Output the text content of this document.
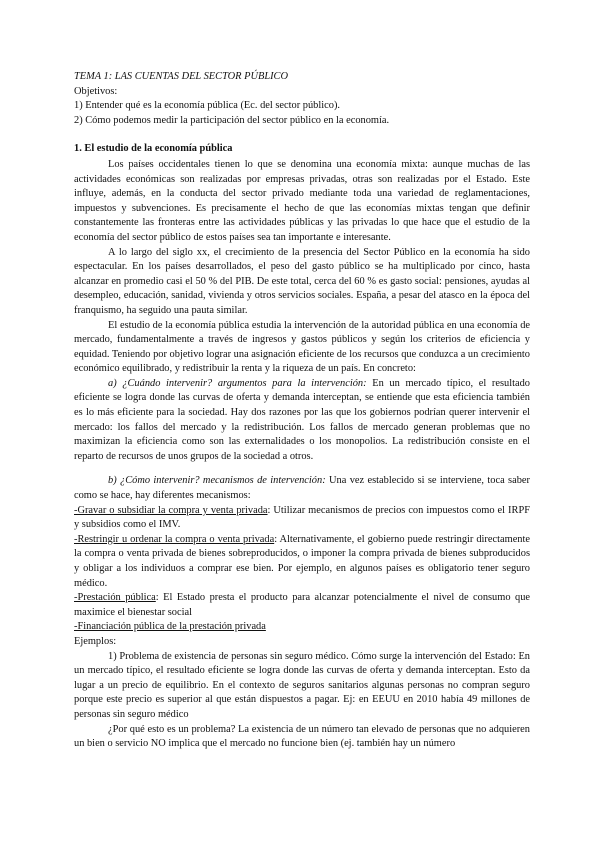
TEMA 1: LAS CUENTAS DEL SECTOR PÚBLICO

Objetivos:

1) Entender qué es la economía pública (Ec. del sector público).

2) Cómo podemos medir la participación del sector público en la economía.

1. El estudio de la economía pública

Los países occidentales tienen lo que se denomina una economía mixta: aunque muchas de las actividades económicas son realizadas por empresas privadas, otras son realizadas por el Estado. Este influye, además, en la conducta del sector privado mediante toda una variedad de reglamentaciones, impuestos y subvenciones. Es precisamente el hecho de que las economías mixtas tengan que definir constantemente las fronteras entre las actividades públicas y las privadas lo que hace que el estudio de la economía del sector público de estos países sea tan importante e interesante.

A lo largo del siglo xx, el crecimiento de la presencia del Sector Público en la economía ha sido espectacular. En los países desarrollados, el peso del gasto público se ha multiplicado por cinco, hasta alcanzar en promedio casi el 50 % del PIB. De este total, cerca del 60 % es gasto social: pensiones, ayudas al desempleo, educación, sanidad, vivienda y otros servicios sociales. España, a pesar del atasco en la época del franquismo, ha seguido una pauta similar.

El estudio de la economía pública estudia la intervención de la autoridad pública en una economía de mercado, fundamentalmente a través de ingresos y gastos públicos y según los criterios de eficiencia y equidad. Teniendo por objetivo lograr una asignación eficiente de los recursos que conduzca a un crecimiento económico equilibrado, y redistribuir la renta y la riqueza de un país. En concreto:

a) ¿Cuándo intervenir? argumentos para la intervención: En un mercado típico, el resultado eficiente se logra donde las curvas de oferta y demanda interceptan, se entiende que esta eficiencia también es lo más eficiente para la sociedad. Hay dos razones por las que los gobiernos podrían querer intervenir el mercado: los fallos del mercado y la redistribución. Los fallos de mercado generan problemas que no maximizan la eficiencia como son las externalidades o los monopolios. La redistribución consiste en el reparto de recursos de unos grupos de la sociedad a otros.

b) ¿Cómo intervenir? mecanismos de intervención: Una vez establecido si se interviene, toca saber como se hace, hay diferentes mecanismos:

-Gravar o subsidiar la compra y venta privada: Utilizar mecanismos de precios con impuestos como el IRPF y subsidios como el IMV.

-Restringir u ordenar la compra o venta privada: Alternativamente, el gobierno puede restringir directamente la compra o venta privada de bienes sobreproducidos, o imponer la compra privada de bienes subproducidos y obligar a los individuos a comprar ese bien. Por ejemplo, en algunos países es obligatorio tener seguro médico.

-Prestación pública: El Estado presta el producto para alcanzar potencialmente el nivel de consumo que maximice el bienestar social

-Financiación pública de la prestación privada

Ejemplos:

1) Problema de existencia de personas sin seguro médico. Cómo surge la intervención del Estado: En un mercado típico, el resultado eficiente se logra donde las curvas de oferta y demanda interceptan. Esto da lugar a un precio de equilibrio. En el contexto de seguros sanitarios algunas personas no compran seguro porque este precio es superior al que están dispuestos a pagar. Ej: en EEUU en 2010 había 49 millones de personas sin seguro médico

¿Por qué esto es un problema? La existencia de un número tan elevado de personas que no adquieren un bien o servicio NO implica que el mercado no funcione bien (ej. también hay un número
